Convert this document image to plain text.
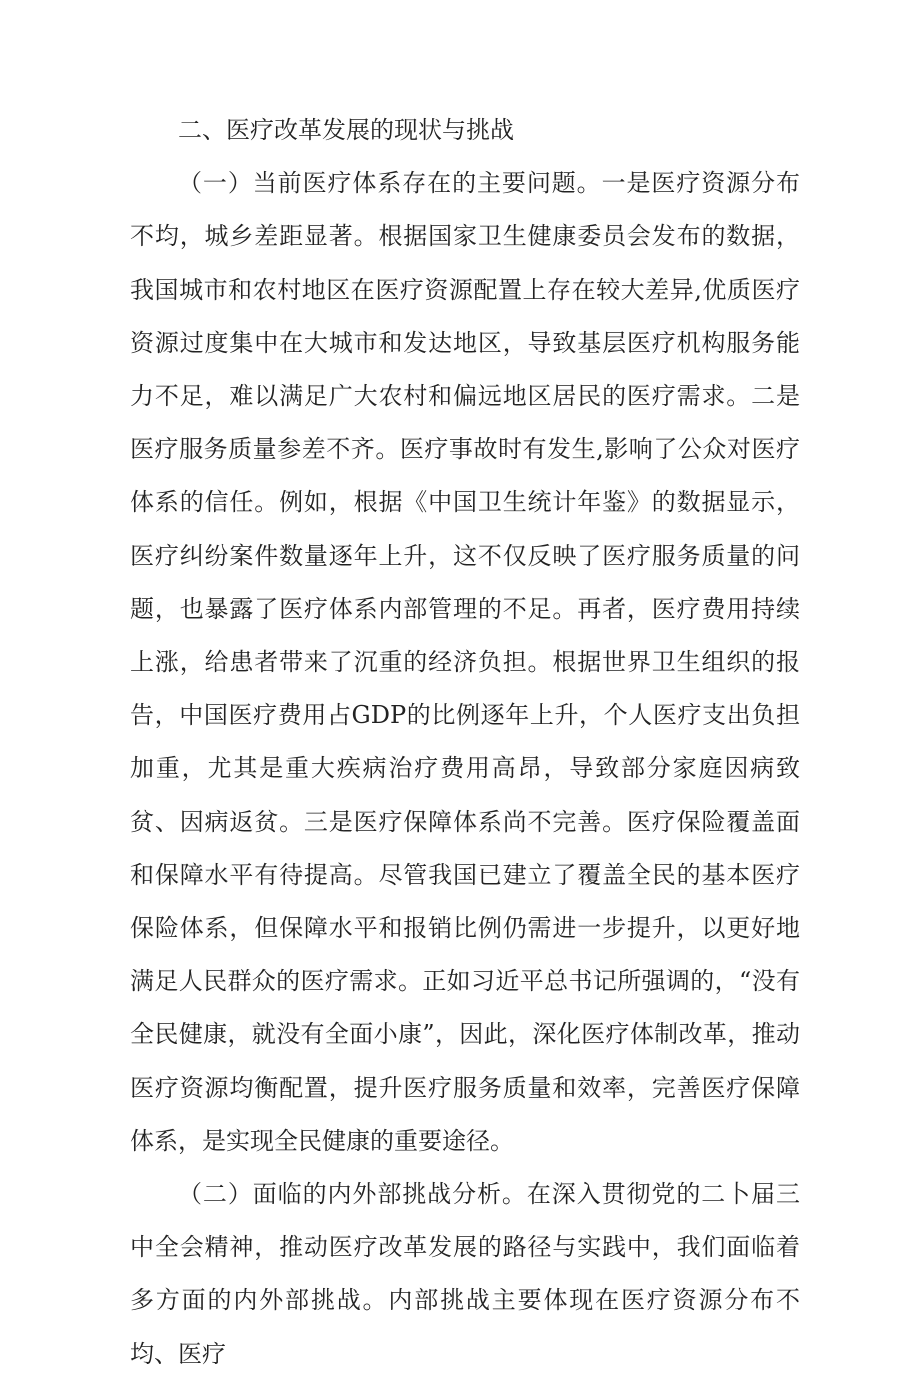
二、医疗改革发展的现状与挑战

（一）当前医疗体系存在的主要问题。一是医疗资源分布不均，城乡差距显著。根据国家卫生健康委员会发布的数据，我国城市和农村地区在医疗资源配置上存在较大差异,优质医疗资源过度集中在大城市和发达地区，导致基层医疗机构服务能力不足，难以满足广大农村和偏远地区居民的医疗需求。二是医疗服务质量参差不齐。医疗事故时有发生,影响了公众对医疗体系的信任。例如，根据《中国卫生统计年鉴》的数据显示，医疗纠纷案件数量逐年上升，这不仅反映了医疗服务质量的问题，也暴露了医疗体系内部管理的不足。再者，医疗费用持续上涨，给患者带来了沉重的经济负担。根据世界卫生组织的报告，中国医疗费用占GDP的比例逐年上升，个人医疗支出负担加重，尤其是重大疾病治疗费用高昂，导致部分家庭因病致贫、因病返贫。三是医疗保障体系尚不完善。医疗保险覆盖面和保障水平有待提高。尽管我国已建立了覆盖全民的基本医疗保险体系，但保障水平和报销比例仍需进一步提升，以更好地满足人民群众的医疗需求。正如习近平总书记所强调的，“没有全民健康，就没有全面小康”，因此，深化医疗体制改革，推动医疗资源均衡配置，提升医疗服务质量和效率，完善医疗保障体系，是实现全民健康的重要途径。

（二）面临的内外部挑战分析。在深入贯彻党的二卜届三中全会精神，推动医疗改革发展的路径与实践中，我们面临着多方面的内外部挑战。内部挑战主要体现在医疗资源分布不均、医疗
